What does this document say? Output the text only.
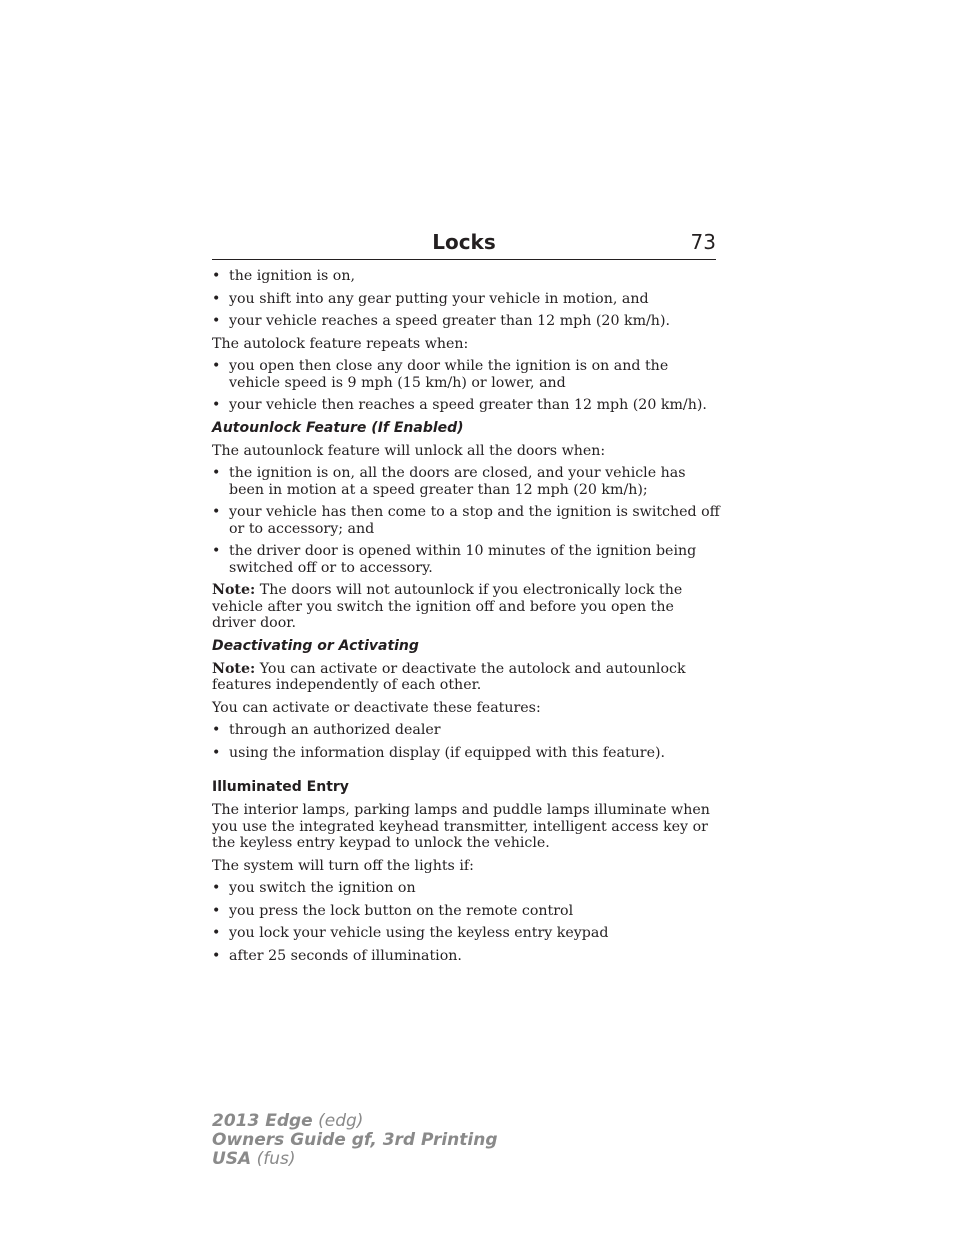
Locks	73
• the ignition is on,
• you shift into any gear putting your vehicle in motion, and
• your vehicle reaches a speed greater than 12 mph (20 km/h).

The autolock feature repeats when:

• you open then close any door while the ignition is on and the vehicle speed is 9 mph (15 km/h) or lower, and
• your vehicle then reaches a speed greater than 12 mph (20 km/h).
Autounlock Feature (If Enabled)

The autounlock feature will unlock all the doors when:

• the ignition is on, all the doors are closed, and your vehicle has been in motion at a speed greater than 12 mph (20 km/h);
• your vehicle has then come to a stop and the ignition is switched off or to accessory; and
• the driver door is opened within 10 minutes of the ignition being switched off or to accessory.

Note: The doors will not autounlock if you electronically lock the vehicle after you switch the ignition off and before you open the driver door.

Deactivating or Activating

Note: You can activate or deactivate the autolock and autounlock features independently of each other.

You can activate or deactivate these features:

• through an authorized dealer
• using the information display (if equipped with this feature).
Illuminated Entry

The interior lamps, parking lamps and puddle lamps illuminate when you use the integrated keyhead transmitter, intelligent access key or the keyless entry keypad to unlock the vehicle.

The system will turn off the lights if:

• you switch the ignition on
• you press the lock button on the remote control
• you lock your vehicle using the keyless entry keypad
• after 25 seconds of illumination.
2013 Edge (edg)
Owners Guide gf, 3rd Printing
USA (fus)
